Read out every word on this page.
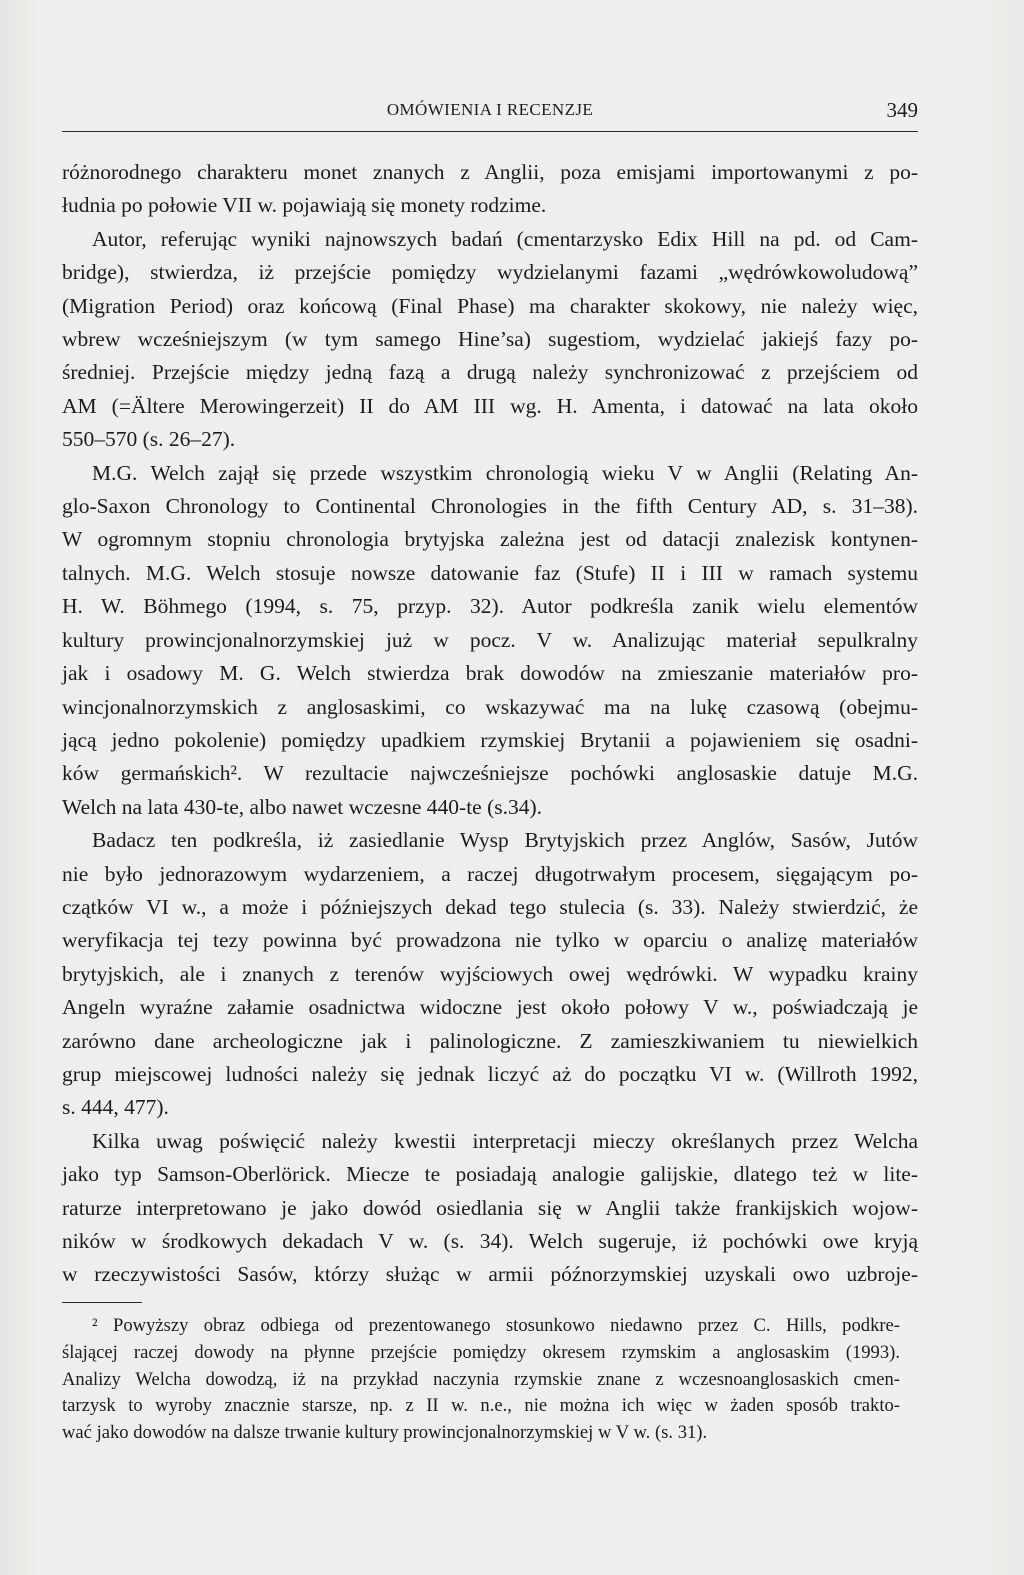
OMÓWIENIA I RECENZJE	349
różnorodnego charakteru monet znanych z Anglii, poza emisjami importowanymi z po-
łudnia po połowie VII w. pojawiają się monety rodzime.
Autor, referując wyniki najnowszych badań (cmentarzysko Edix Hill na pd. od Cam-
bridge), stwierdza, iż przejście pomiędzy wydzielanymi fazami „wędrówkowoludową”
(Migration Period) oraz końcową (Final Phase) ma charakter skokowy, nie należy więc,
wbrew wcześniejszym (w tym samego Hine’sa) sugestiom, wydzielać jakiejś fazy po-
średniej. Przejście między jedną fazą a drugą należy synchronizować z przejściem od
AM (=Ältere Merowingerzeit) II do AM III wg. H. Amenta, i datować na lata około
550–570 (s. 26–27).
M.G. Welch zajął się przede wszystkim chronologią wieku V w Anglii (Relating An-
glo-Saxon Chronology to Continental Chronologies in the fifth Century AD, s. 31–38).
W ogromnym stopniu chronologia brytyjska zależna jest od datacji znalezisk kontynen-
talnych. M.G. Welch stosuje nowsze datowanie faz (Stufe) II i III w ramach systemu
H. W. Böhmego (1994, s. 75, przyp. 32). Autor podkreśla zanik wielu elementów
kultury prowincjonalnorzymskiej już w pocz. V w. Analizując materiał sepulkralny
jak i osadowy M. G. Welch stwierdza brak dowodów na zmieszanie materiałów pro-
wincjonalnorzymskich z anglosaskimi, co wskazywać ma na lukę czasową (obejmu-
jącą jedno pokolenie) pomiędzy upadkiem rzymskiej Brytanii a pojawieniem się osadni-
ków germańskich². W rezultacie najwcześniejsze pochówki anglosaskie datuje M.G.
Welch na lata 430-te, albo nawet wczesne 440-te (s.34).
Badacz ten podkreśla, iż zasiedlanie Wysp Brytyjskich przez Anglów, Sasów, Jutów
nie było jednorazowym wydarzeniem, a raczej długotrwałym procesem, sięgającym po-
czątków VI w., a może i późniejszych dekad tego stulecia (s. 33). Należy stwierdzić, że
weryfikacja tej tezy powinna być prowadzona nie tylko w oparciu o analizę materiałów
brytyjskich, ale i znanych z terenów wyjściowych owej wędrówki. W wypadku krainy
Angeln wyraźne załamie osadnictwa widoczne jest około połowy V w., poświadczają je
zarówno dane archeologiczne jak i palinologiczne. Z zamieszkiwaniem tu niewielkich
grup miejscowej ludności należy się jednak liczyć aż do początku VI w. (Willroth 1992,
s. 444, 477).
Kilka uwag poświęcić należy kwestii interpretacji mieczy określanych przez Welcha
jako typ Samson-Oberlörick. Miecze te posiadają analogie galijskie, dlatego też w lite-
raturze interpretowano je jako dowód osiedlania się w Anglii także frankijskich wojow-
ników w środkowych dekadach V w. (s. 34). Welch sugeruje, iż pochówki owe kryją
w rzeczywistości Sasów, którzy służąc w armii późnorzymskiej uzyskali owo uzbroje-
² Powyższy obraz odbiega od prezentowanego stosunkowo niedawno przez C. Hills, podkre-
ślającej raczej dowody na płynne przejście pomiędzy okresem rzymskim a anglosaskim (1993).
Analizy Welcha dowodzą, iż na przykład naczynia rzymskie znane z wczesnoanglosaskich cmen-
tarzysk to wyroby znacznie starsze, np. z II w. n.e., nie można ich więc w żaden sposób trakto-
wać jako dowodów na dalsze trwanie kultury prowincjonalnorzymskiej w V w. (s. 31).
